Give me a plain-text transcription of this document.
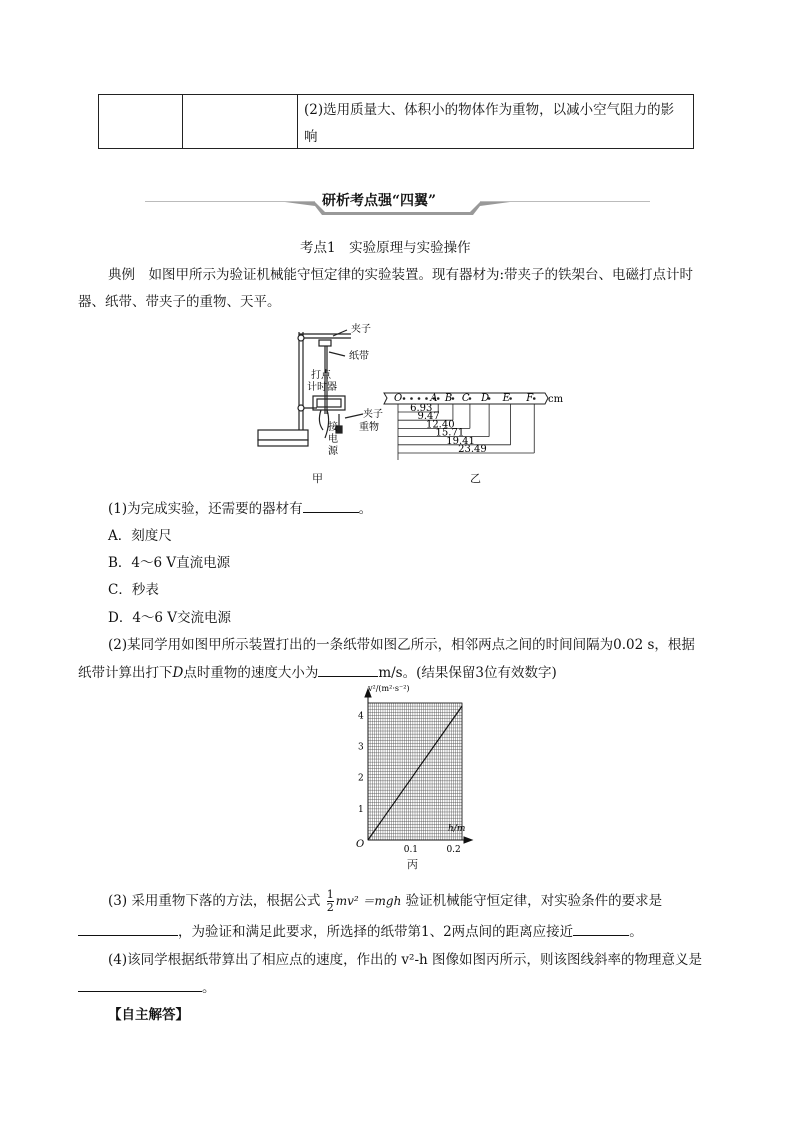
(2)选用质量大、体积小的物体作为重物，以减小空气阻力的影
响
研析考点强“四翼”
考点1　实验原理与实验操作
典例　如图甲所示为验证机械能守恒定律的实验装置。现有器材为:带夹子的铁架台、电磁打点计时
器、纸带、带夹子的重物、天平。
夹子
纸带
打点
计时器
夹子
重物
接
电
源
甲
A B C D E F
6.93
9.47
12.40
15.71
19.41
23.49
O	cm
乙
(1)为完成实验，还需要的器材有	。
A．刻度尺
B．4～6 V直流电源
C．秒表
D．4～6 V交流电源
(2)某同学用如图甲所示装置打出的一条纸带如图乙所示，相邻两点之间的时间间隔为0.02 s，根据
纸带计算出打下D点时重物的速度大小为	m/s。(结果保留3位有效数字)
0.1	0.2
1
2
3
4
v²/(m²·s⁻²)
h/m
O
丙
(3) 采用重物下落的方法，根据公式 $\frac{1}{2} mv^2 =mgh$ 验证机械能守恒定律，对实验条件的要求是
，为验证和满足此要求，所选择的纸带第1、2两点间的距离应接近	。
(4)该同学根据纸带算出了相应点的速度，作出的 v²-h 图像如图丙所示，则该图线斜率的物理意义是
。
【自主解答】
